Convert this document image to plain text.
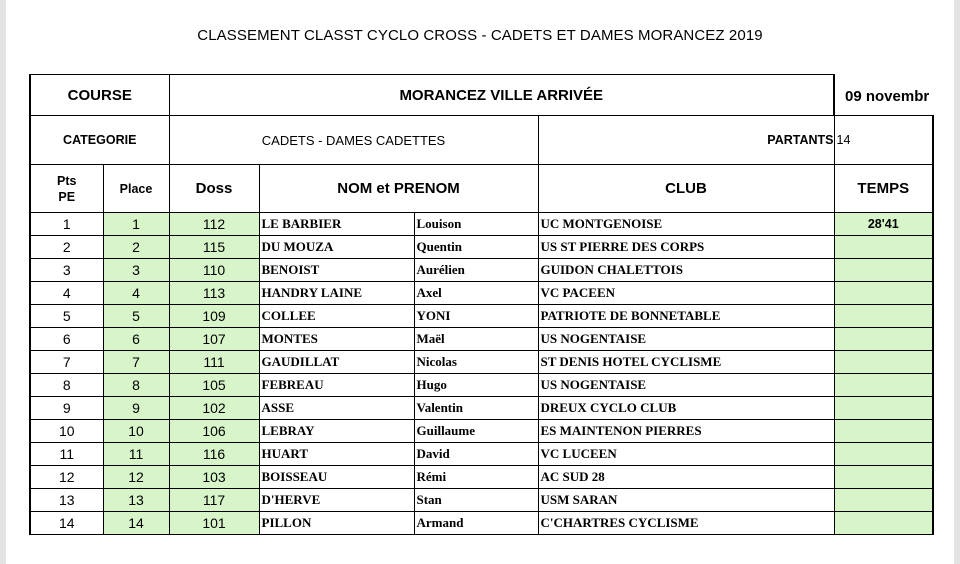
CLASSEMENT CLASST CYCLO CROSS - CADETS ET DAMES MORANCEZ 2019
COURSE		MORANCEZ VILLE ARRIVÉE				
CATEGORIE		CADETS - DAMES CADETTES			PARTANTS	14

Pts
PE	Place	Doss	NOM et PRENOM		CLUB	TEMPS
1	1	112	LE BARBIER	Louison	UC MONTGENOISE	28'41
2	2	115	DU MOUZA	Quentin	US ST PIERRE DES CORPS	
3	3	110	BENOIST	Aurélien	GUIDON CHALETTOIS	
4	4	113	HANDRY LAINE	Axel	VC PACEEN	
5	5	109	COLLEE	YONI	PATRIOTE DE BONNETABLE	
6	6	107	MONTES	Maël	US NOGENTAISE	
7	7	111	GAUDILLAT	Nicolas	ST DENIS HOTEL CYCLISME	
8	8	105	FEBREAU	Hugo	US NOGENTAISE	
9	9	102	ASSE	Valentin	DREUX CYCLO CLUB	
10	10	106	LEBRAY	Guillaume	ES MAINTENON PIERRES	
11	11	116	HUART	David	VC LUCEEN	
12	12	103	BOISSEAU	Rémi	AC SUD 28	
13	13	117	D'HERVE	Stan	USM SARAN	
14	14	101	PILLON	Armand	C'CHARTRES CYCLISME	
09 novembr
